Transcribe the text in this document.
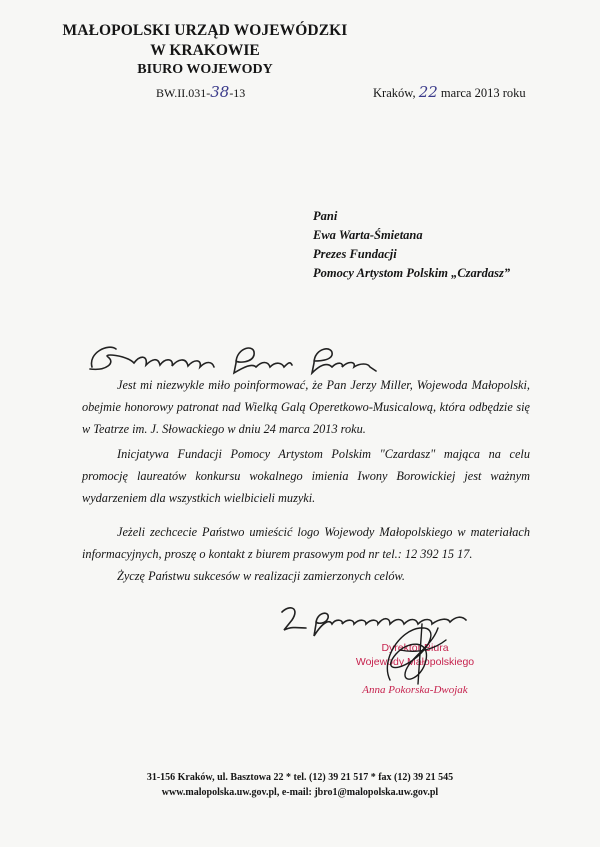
MAŁOPOLSKI URZĄD WOJEWÓDZKI
W KRAKOWIE
BIURO WOJEWODY
BW.II.031-38-13	Kraków, 22 marca 2013 roku
Pani
Ewa Warta-Śmietana
Prezes Fundacji
Pomocy Artystom Polskim „Czardasz”
Szanowna Pani Prezes,	Jest mi niezwykle miło poinformować, że Pan Jerzy Miller, Wojewoda Małopolski, obejmie honorowy patronat nad Wielką Galą Operetkowo-Musicalową, która odbędzie się w Teatrze im. J. Słowackiego w dniu 24 marca 2013 roku.
Inicjatywa Fundacji Pomocy Artystom Polskim "Czardasz" mająca na celu promocję laureatów konkursu wokalnego imienia Iwony Borowickiej jest ważnym wydarzeniem dla wszystkich wielbicieli muzyki.
Jeżeli zechcecie Państwo umieścić logo Wojewody Małopolskiego w materiałach informacyjnych, proszę o kontakt z biurem prasowym pod nr tel.: 12 392 15 17.
Życzę Państwu sukcesów w realizacji zamierzonych celów.
Z poważaniem
Dyrektor Biura
Wojewody Małopolskiego
Anna Pokorska-Dwojak
31-156 Kraków, ul. Basztowa 22 * tel. (12) 39 21 517 * fax (12) 39 21 545
www.malopolska.uw.gov.pl, e-mail: jbro1@malopolska.uw.gov.pl
